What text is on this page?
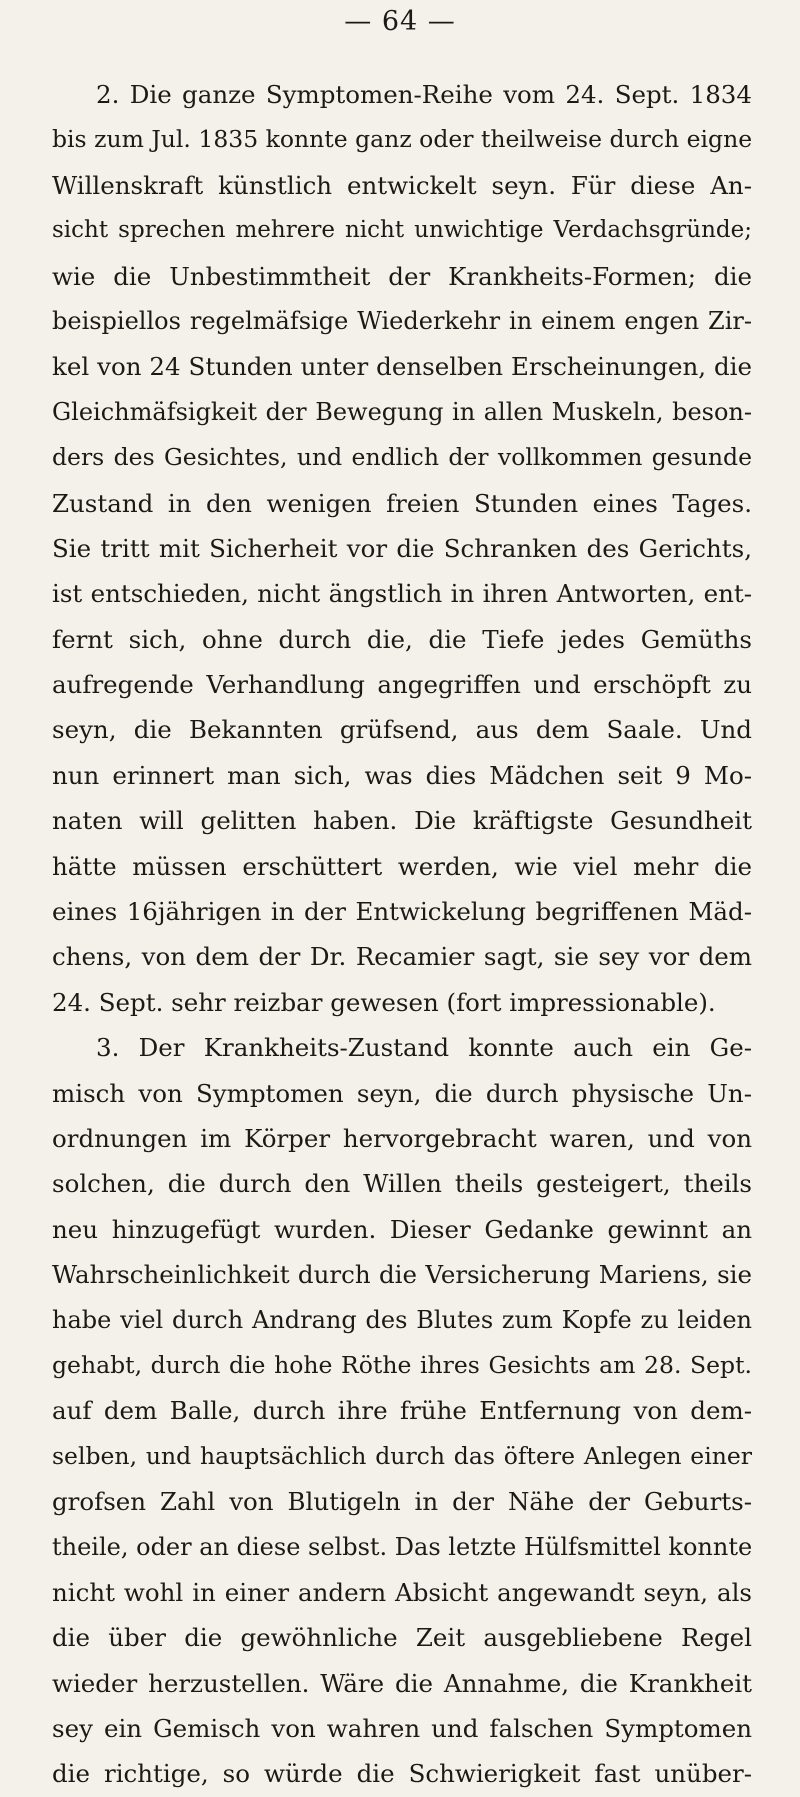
— 64 —
2. Die ganze Symptomen-Reihe vom 24. Sept. 1834
bis zum Jul. 1835 konnte ganz oder theilweise durch eigne
Willenskraft künstlich entwickelt seyn. Für diese An-
sicht sprechen mehrere nicht unwichtige Verdachsgründe;
wie die Unbestimmtheit der Krankheits-Formen; die
beispiellos regelmäfsige Wiederkehr in einem engen Zir-
kel von 24 Stunden unter denselben Erscheinungen, die
Gleichmäfsigkeit der Bewegung in allen Muskeln, beson-
ders des Gesichtes, und endlich der vollkommen gesunde
Zustand in den wenigen freien Stunden eines Tages.
Sie tritt mit Sicherheit vor die Schranken des Gerichts,
ist entschieden, nicht ängstlich in ihren Antworten, ent-
fernt sich, ohne durch die, die Tiefe jedes Gemüths
aufregende Verhandlung angegriffen und erschöpft zu
seyn, die Bekannten grüfsend, aus dem Saale. Und
nun erinnert man sich, was dies Mädchen seit 9 Mo-
naten will gelitten haben. Die kräftigste Gesundheit
hätte müssen erschüttert werden, wie viel mehr die
eines 16jährigen in der Entwickelung begriffenen Mäd-
chens, von dem der Dr. Recamier sagt, sie sey vor dem
24. Sept. sehr reizbar gewesen (fort impressionable).
3. Der Krankheits-Zustand konnte auch ein Ge-
misch von Symptomen seyn, die durch physische Un-
ordnungen im Körper hervorgebracht waren, und von
solchen, die durch den Willen theils gesteigert, theils
neu hinzugefügt wurden. Dieser Gedanke gewinnt an
Wahrscheinlichkeit durch die Versicherung Mariens, sie
habe viel durch Andrang des Blutes zum Kopfe zu leiden
gehabt, durch die hohe Röthe ihres Gesichts am 28. Sept.
auf dem Balle, durch ihre frühe Entfernung von dem-
selben, und hauptsächlich durch das öftere Anlegen einer
grofsen Zahl von Blutigeln in der Nähe der Geburts-
theile, oder an diese selbst. Das letzte Hülfsmittel konnte
nicht wohl in einer andern Absicht angewandt seyn, als
die über die gewöhnliche Zeit ausgebliebene Regel
wieder herzustellen. Wäre die Annahme, die Krankheit
sey ein Gemisch von wahren und falschen Symptomen
die richtige, so würde die Schwierigkeit fast unüber-
